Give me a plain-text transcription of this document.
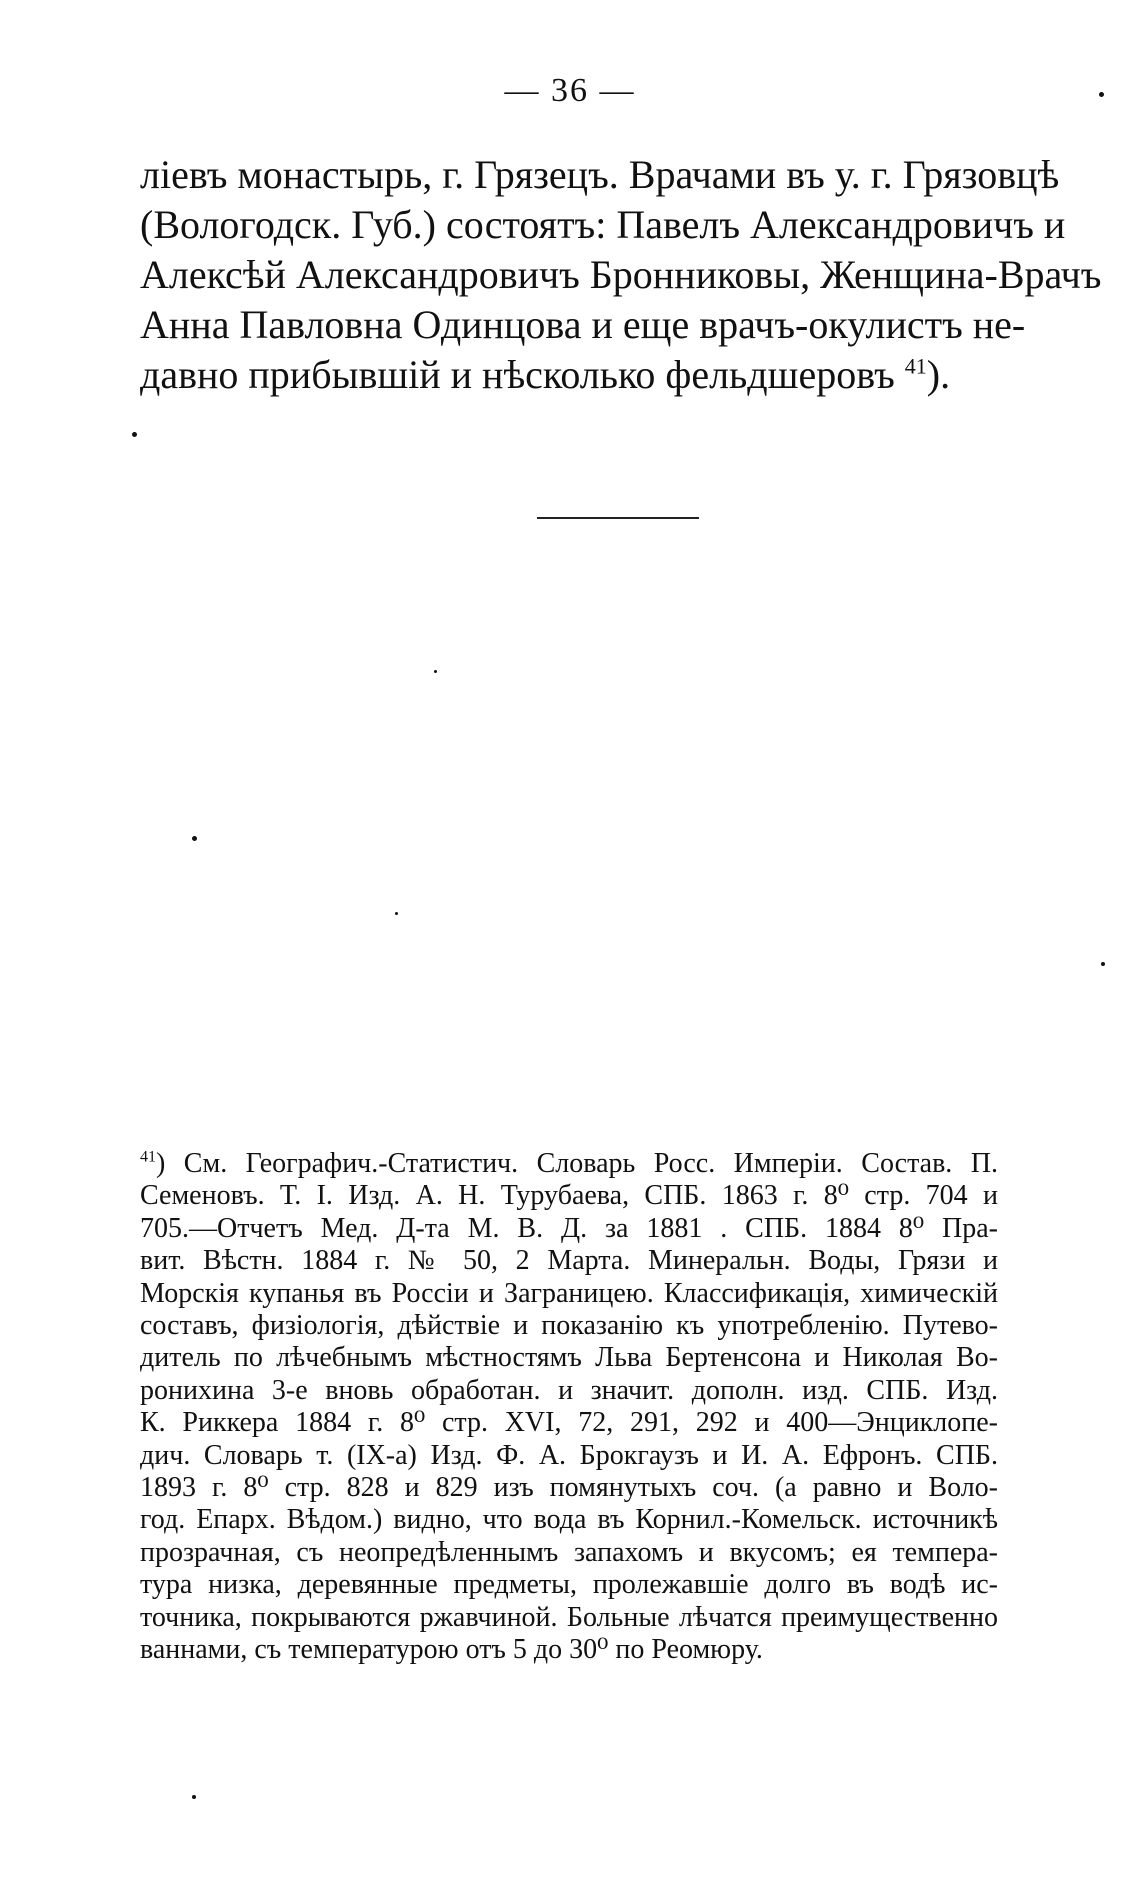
— 36 —
лiевъ монастырь, г. Грязецъ. Врачами въ у. г. Грязовцѣ
(Вологодск. Губ.) состоятъ: Павелъ Александровичъ и
Алексѣй Александровичъ Бронниковы, Женщина-Врачъ
Анна Павловна Одинцова и еще врачъ-окулистъ не-
давно прибывшiй и нѣсколько фельдшеровъ $^{41}$).
$^{41}$) См. Географич.-Статистич. Словарь Росс. Имперiи. Состав. П.
Семеновъ. Т. I. Изд. А. Н. Турубаева, СПБ. 1863 г. 8⁰ стр. 704 и
705.—Отчетъ Мед. Д-та М. В. Д. за 1881 . СПБ. 1884 8⁰ Пра-
вит. Вѣстн. 1884 г. № 50, 2 Марта. Минеральн. Воды, Грязи и
Морскiя купанья въ Россiи и Заграницею. Классификацiя, химическiй
составъ, физiологiя, дѣйствiе и показанiю къ употребленiю. Путево-
дитель по лѣчебнымъ мѣстностямъ Льва Бертенсона и Николая Во-
ронихина 3-е вновь обработан. и значит. дополн. изд. СПБ. Изд.
К. Риккера 1884 г. 8⁰ стр. XVI, 72, 291, 292 и 400—Энциклопе-
дич. Словарь т. (IX-а) Изд. Ф. А. Брокгаузъ и И. А. Ефронъ. СПБ.
1893 г. 8⁰ стр. 828 и 829 изъ помянутыхъ соч. (а равно и Воло-
год. Епарх. Вѣдом.) видно, что вода въ Корнил.-Комельск. источникѣ
прозрачная, съ неопредѣленнымъ запахомъ и вкусомъ; ея темпера-
тура низка, деревянные предметы, пролежавшiе долго въ водѣ ис-
точника, покрываются ржавчиной. Больные лѣчатся преимущественно
ваннами, съ температурою отъ 5 до 30⁰ по Реомюру.
